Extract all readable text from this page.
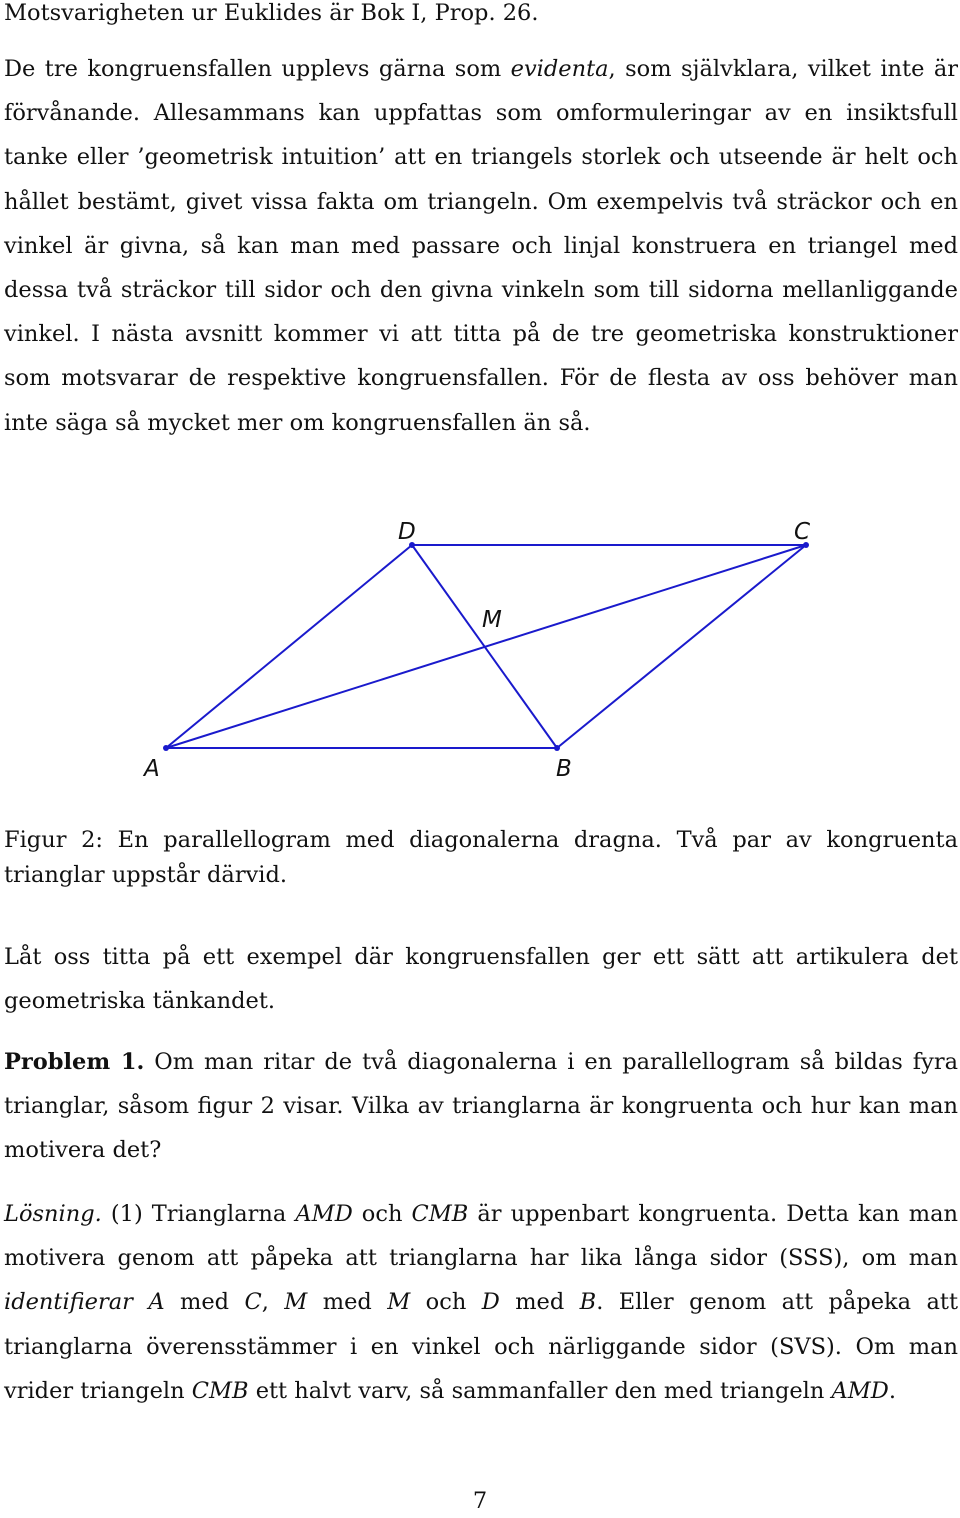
Motsvarigheten ur Euklides är Bok I, Prop. 26.
De tre kongruensfallen upplevs gärna som evidenta, som självklara, vilket inte är förvånande. Allesammans kan uppfattas som omformuleringar av en insiktsfull tanke eller ’geometrisk intuition’ att en triangels storlek och utseende är helt och hållet bestämt, givet vissa fakta om triangeln. Om exempelvis två sträckor och en vinkel är givna, så kan man med passare och linjal konstruera en triangel med dessa två sträckor till sidor och den givna vinkeln som till sidorna mellanliggande vinkel. I nästa avsnitt kommer vi att titta på de tre geometriska konstruktioner som motsvarar de respektive kongruensfallen. För de flesta av oss behöver man inte säga så mycket mer om kongruensfallen än så.
D	C
M
A	B
Figur 2: En parallellogram med diagonalerna dragna. Två par av kongruenta trianglar uppstår därvid.
Låt oss titta på ett exempel där kongruensfallen ger ett sätt att artikulera det geometriska tänkandet.
Problem 1. Om man ritar de två diagonalerna i en parallellogram så bildas fyra trianglar, såsom figur 2 visar. Vilka av trianglarna är kongruenta och hur kan man motivera det?
Lösning. (1) Trianglarna AMD och CMB är uppenbart kongruenta. Detta kan man motivera genom att påpeka att trianglarna har lika långa sidor (SSS), om man identifierar A med C, M med M och D med B. Eller genom att påpeka att trianglarna överensstämmer i en vinkel och närliggande sidor (SVS). Om man vrider triangeln CMB ett halvt varv, så sammanfaller den med triangeln AMD.
7
